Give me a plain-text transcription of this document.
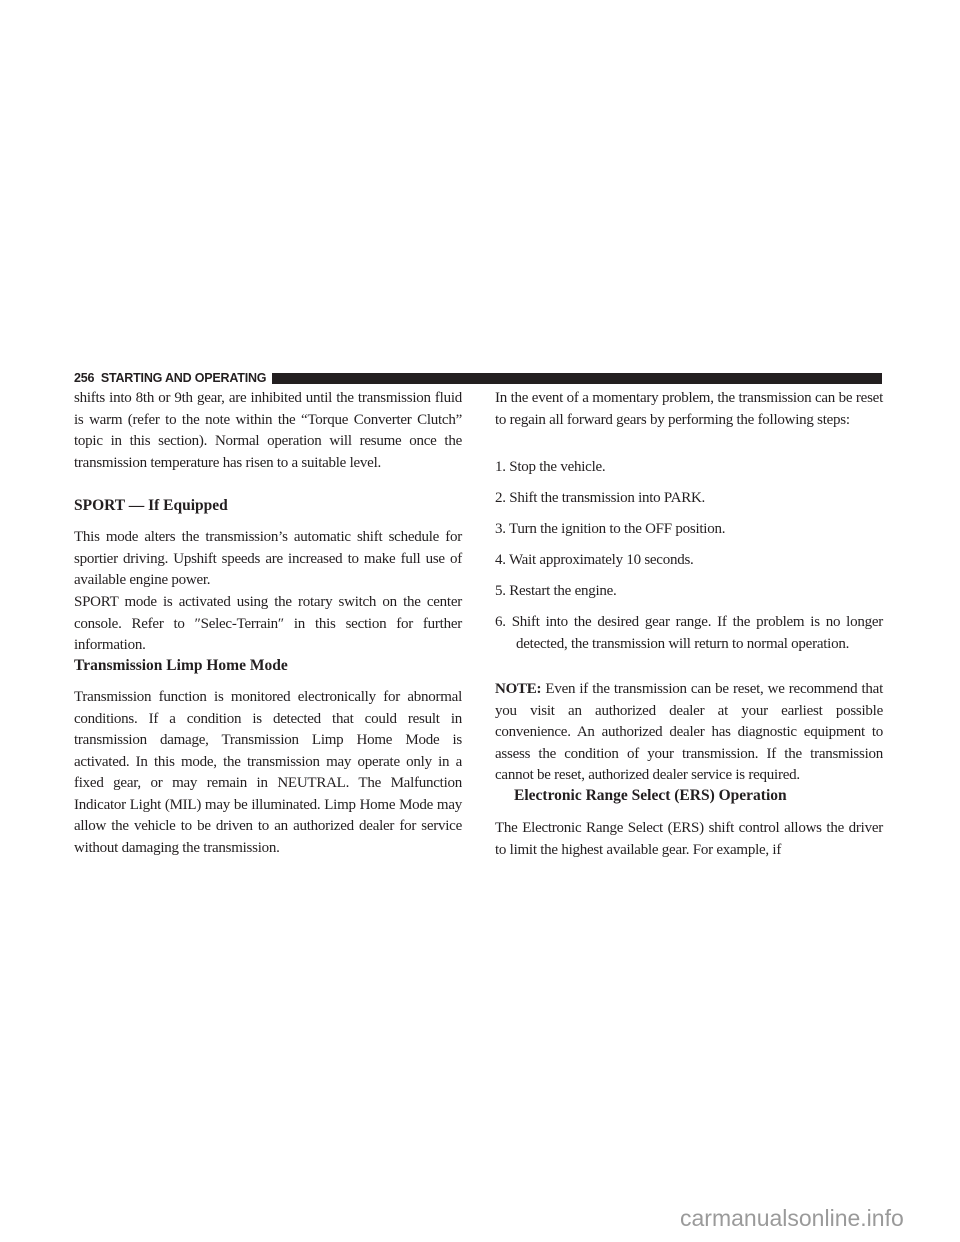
256 STARTING AND OPERATING

shifts into 8th or 9th gear, are inhibited until the transmission fluid is warm (refer to the note within the “Torque Converter Clutch” topic in this section). Normal operation will resume once the transmission temperature has risen to a suitable level.

SPORT — If Equipped

This mode alters the transmission’s automatic shift schedule for sportier driving. Upshift speeds are increased to make full use of available engine power.

SPORT mode is activated using the rotary switch on the center console. Refer to ″Selec-Terrain″ in this section for further information.

Transmission Limp Home Mode

Transmission function is monitored electronically for abnormal conditions. If a condition is detected that could result in transmission damage, Transmission Limp Home Mode is activated. In this mode, the transmission may operate only in a fixed gear, or may remain in NEUTRAL. The Malfunction Indicator Light (MIL) may be illuminated. Limp Home Mode may allow the vehicle to be driven to an authorized dealer for service without damaging the transmission.

In the event of a momentary problem, the transmission can be reset to regain all forward gears by performing the following steps:

1. Stop the vehicle.

2. Shift the transmission into PARK.

3. Turn the ignition to the OFF position.

4. Wait approximately 10 seconds.

5. Restart the engine.

6. Shift into the desired gear range. If the problem is no longer detected, the transmission will return to normal operation.

NOTE: Even if the transmission can be reset, we recommend that you visit an authorized dealer at your earliest possible convenience. An authorized dealer has diagnostic equipment to assess the condition of your transmission. If the transmission cannot be reset, authorized dealer service is required.

Electronic Range Select (ERS) Operation

The Electronic Range Select (ERS) shift control allows the driver to limit the highest available gear. For example, if

carmanualsonline.info
